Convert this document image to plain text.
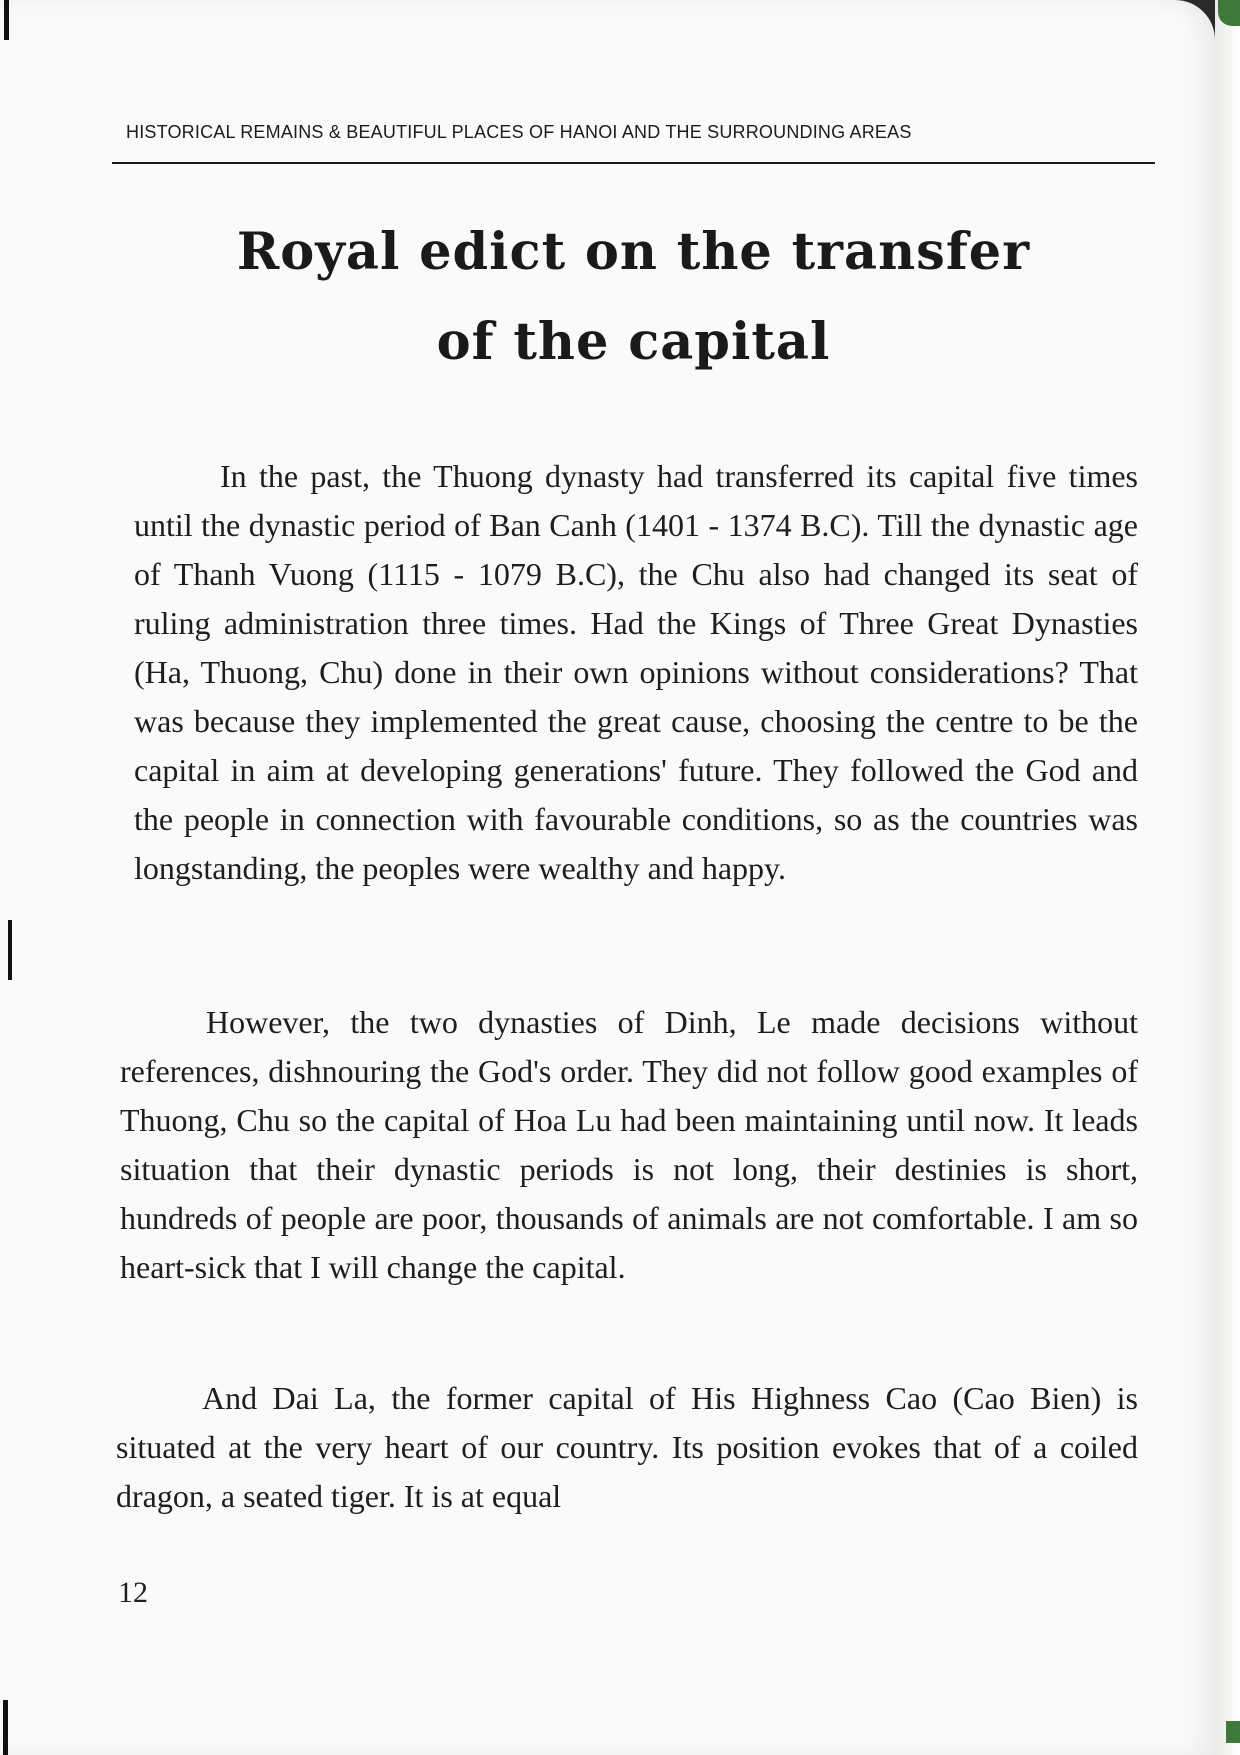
HISTORICAL REMAINS & BEAUTIFUL PLACES OF HANOI AND THE SURROUNDING AREAS
Royal edict on the transfer
of the capital

In the past, the Thuong dynasty had transferred its capital five times until the dynastic period of Ban Canh (1401 - 1374 B.C). Till the dynastic age of Thanh Vuong (1115 - 1079 B.C), the Chu also had changed its seat of ruling administration three times. Had the Kings of Three Great Dynasties (Ha, Thuong, Chu) done in their own opinions without considerations? That was because they implemented the great cause, choosing the centre to be the capital in aim at developing generations' future. They followed the God and the people in connection with favourable conditions, so as the countries was longstanding, the peoples were wealthy and happy.

However, the two dynasties of Dinh, Le made decisions without references, dishnouring the God's order. They did not follow good examples of Thuong, Chu so the capital of Hoa Lu had been maintaining until now. It leads situation that their dynastic periods is not long, their destinies is short, hundreds of people are poor, thousands of animals are not comfortable. I am so heart-sick that I will change the capital.

And Dai La, the former capital of His Highness Cao (Cao Bien) is situated at the very heart of our country. Its position evokes that of a coiled dragon, a seated tiger. It is at equal

12
